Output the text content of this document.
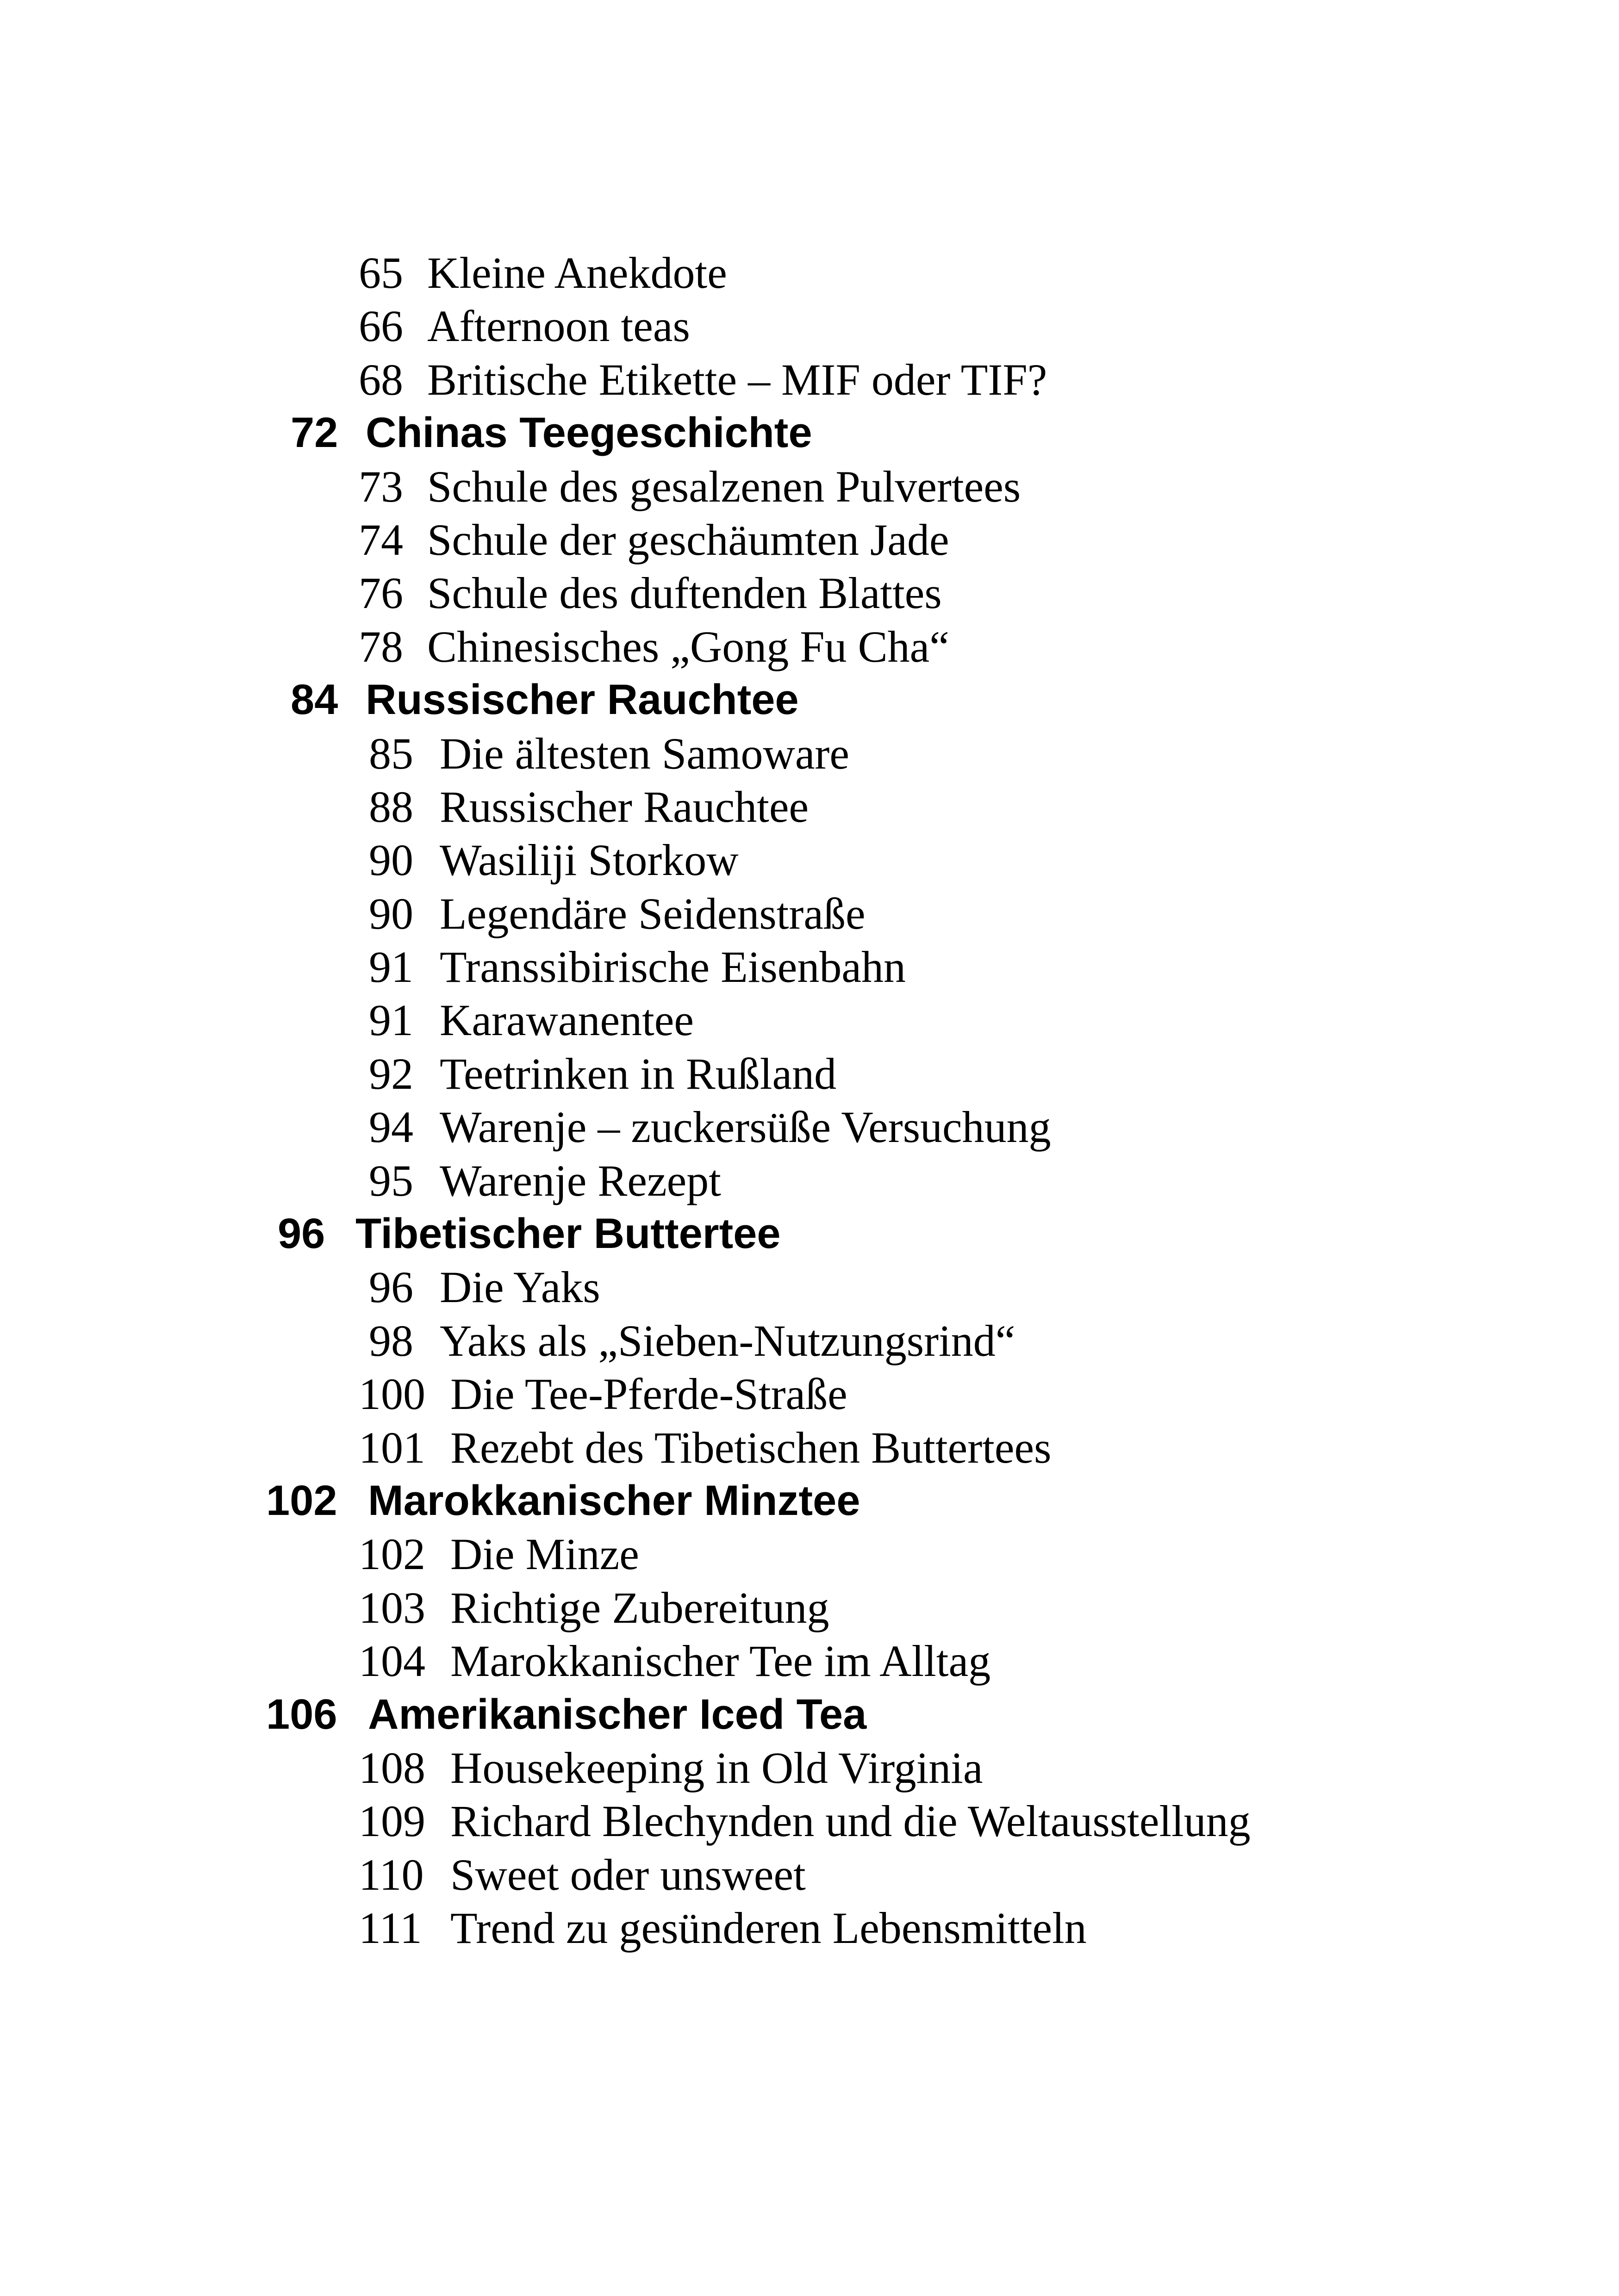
65 Kleine Anekdote
66 Afternoon teas
68 Britische Etikette – MIF oder TIF?
72 Chinas Teegeschichte
73 Schule des gesalzenen Pulvertees
74 Schule der geschäumten Jade
76 Schule des duftenden Blattes
78 Chinesisches „Gong Fu Cha“
84 Russischer Rauchtee
85 Die ältesten Samoware
88 Russischer Rauchtee
90 Wasiliji Storkow
90 Legendäre Seidenstraße
91 Transsibirische Eisenbahn
91 Karawanentee
92 Teetrinken in Rußland
94 Warenje – zuckersüße Versuchung
95 Warenje Rezept
96 Tibetischer Buttertee
96 Die Yaks
98 Yaks als „Sieben-Nutzungsrind“
100 Die Tee-Pferde-Straße
101 Rezebt des Tibetischen Buttertees
102 Marokkanischer Minztee
102 Die Minze
103 Richtige Zubereitung
104 Marokkanischer Tee im Alltag
106 Amerikanischer Iced Tea
108 Housekeeping in Old Virginia
109 Richard Blechynden und die Weltausstellung
110 Sweet oder unsweet
111 Trend zu gesünderen Lebensmitteln
